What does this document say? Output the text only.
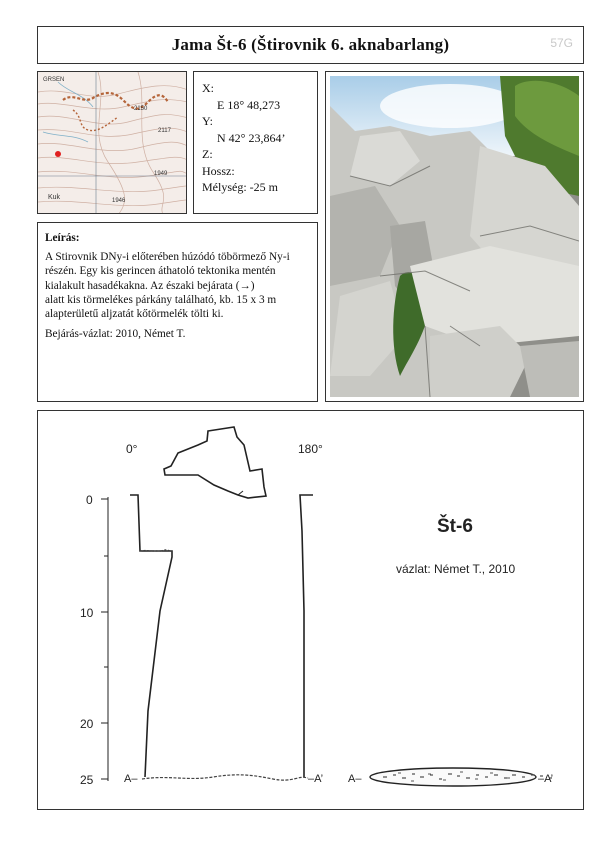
Jama Št-6 (Štirovnik 6. aknabarlang)	57G
GRSEN
2117
2150
Kuk
1949
1946
X:
E 18° 48,273
Y:
N 42° 23,864’
Z:
Hossz:
Mélység: -25 m
Leírás:

A Stirovnik DNy-i előterében húzódó töbörmező Ny-i

részén. Egy kis gerincen áthatoló tektonika mentén

kialakult hasadékakna. Az északi bejárata (→)

alatt kis törmelékes párkány található, kb. 15 x 3 m

alapterületű aljzatát kőtörmelék tölti ki.

Bejárás-vázlat: 2010, Német T.

0°	180°
0
10
20
25	A–	–A’ A–	–A’
Št-6
vázlat: Német T., 2010
